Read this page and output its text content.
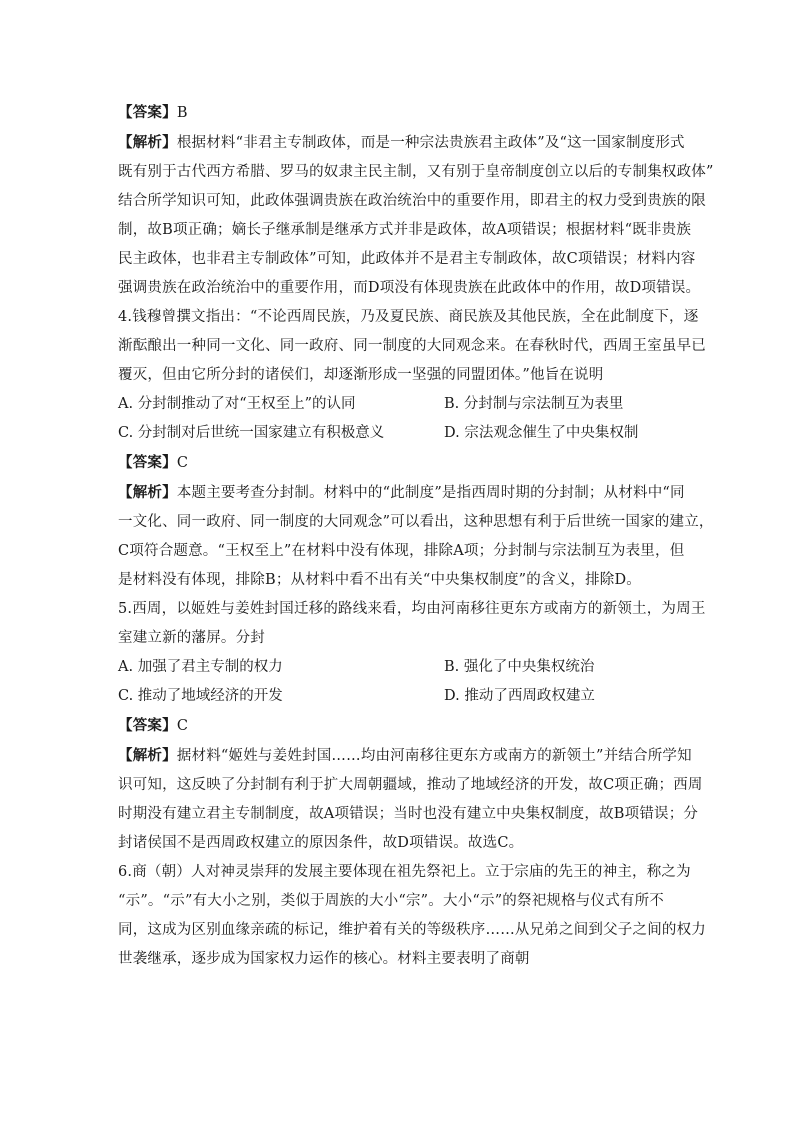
【答案】B
【解析】根据材料“非君主专制政体，而是一种宗法贵族君主政体”及“这一国家制度形式
既有别于古代西方希腊、罗马的奴隶主民主制，又有别于皇帝制度创立以后的专制集权政体”
结合所学知识可知，此政体强调贵族在政治统治中的重要作用，即君主的权力受到贵族的限
制，故B项正确；嫡长子继承制是继承方式并非是政体，故A项错误；根据材料“既非贵族
民主政体，也非君主专制政体”可知，此政体并不是君主专制政体，故C项错误；材料内容
强调贵族在政治统治中的重要作用，而D项没有体现贵族在此政体中的作用，故D项错误。
4.钱穆曾撰文指出：“不论西周民族，乃及夏民族、商民族及其他民族，全在此制度下，逐
渐酝酿出一种同一文化、同一政府、同一制度的大同观念来。在春秋时代，西周王室虽早已
覆灭，但由它所分封的诸侯们，却逐渐形成一坚强的同盟团体。”他旨在说明
A. 分封制推动了对“王权至上”的认同	B. 分封制与宗法制互为表里
C. 分封制对后世统一国家建立有积极意义	D. 宗法观念催生了中央集权制
【答案】C
【解析】本题主要考查分封制。材料中的“此制度”是指西周时期的分封制；从材料中“同
一文化、同一政府、同一制度的大同观念”可以看出，这种思想有利于后世统一国家的建立，
C项符合题意。“王权至上”在材料中没有体现，排除A项；分封制与宗法制互为表里，但
是材料没有体现，排除B；从材料中看不出有关“中央集权制度”的含义，排除D。
5.西周，以姬姓与姜姓封国迁移的路线来看，均由河南移往更东方或南方的新领土，为周王
室建立新的藩屏。分封
A. 加强了君主专制的权力	B. 强化了中央集权统治
C. 推动了地域经济的开发	D. 推动了西周政权建立
【答案】C
【解析】据材料“姬姓与姜姓封国……均由河南移往更东方或南方的新领土”并结合所学知
识可知，这反映了分封制有利于扩大周朝疆域，推动了地域经济的开发，故C项正确；西周
时期没有建立君主专制制度，故A项错误；当时也没有建立中央集权制度，故B项错误；分
封诸侯国不是西周政权建立的原因条件，故D项错误。故选C。
6.商（朝）人对神灵崇拜的发展主要体现在祖先祭祀上。立于宗庙的先王的神主，称之为
“示”。“示”有大小之别，类似于周族的大小“宗”。大小“示”的祭祀规格与仪式有所不
同，这成为区别血缘亲疏的标记，维护着有关的等级秩序……从兄弟之间到父子之间的权力
世袭继承，逐步成为国家权力运作的核心。材料主要表明了商朝
